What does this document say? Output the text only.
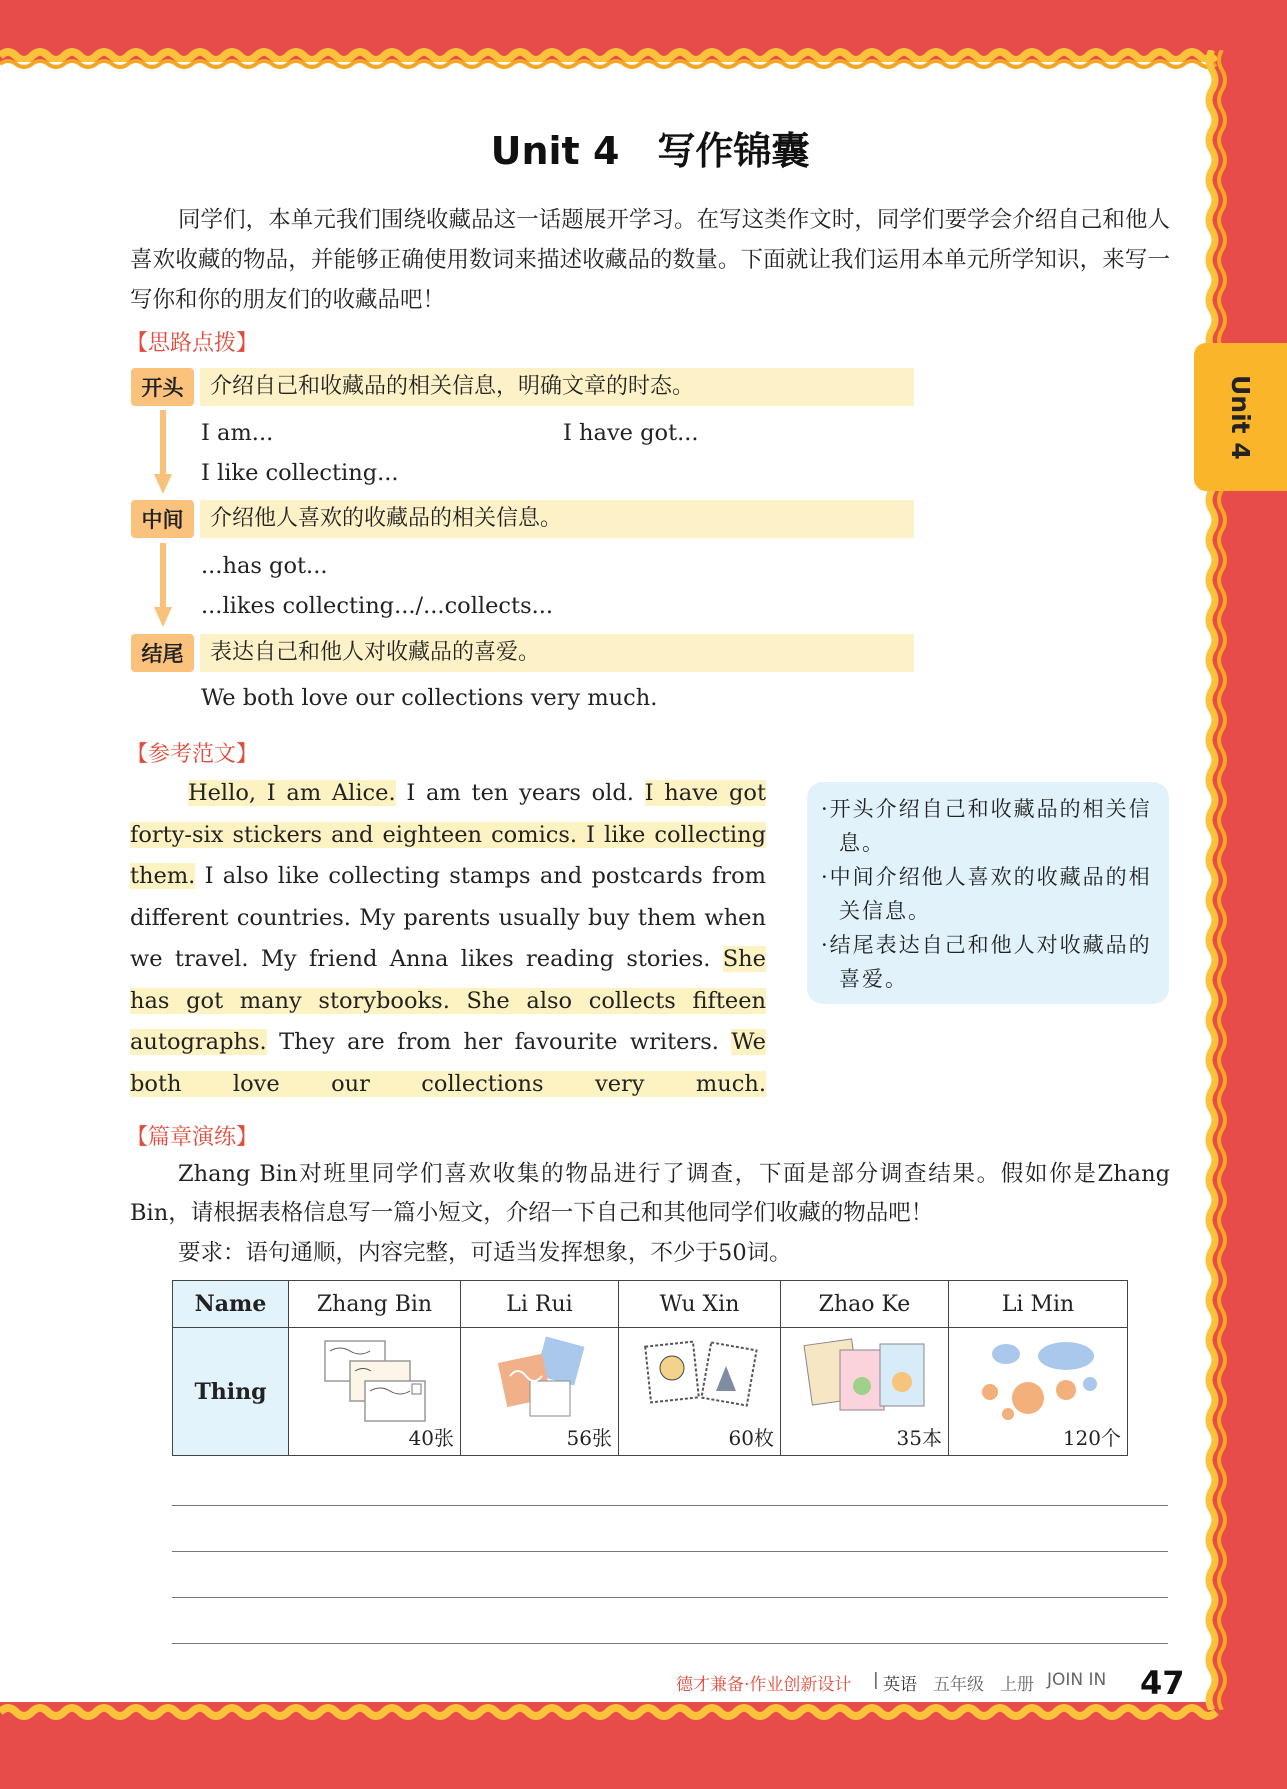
Unit 4
Unit 4　写作锦囊
同学们，本单元我们围绕收藏品这一话题展开学习。在写这类作文时，同学们要学会介绍自己和他人喜欢收藏的物品，并能够正确使用数词来描述收藏品的数量。下面就让我们运用本单元所学知识，来写一写你和你的朋友们的收藏品吧！
【思路点拨】
开头	介绍自己和收藏品的相关信息，明确文章的时态。
I am...	I have got...
I like collecting...
中间	介绍他人喜欢的收藏品的相关信息。
...has got...
...likes collecting.../...collects...
结尾	表达自己和他人对收藏品的喜爱。
We both love our collections very much.
【参考范文】
Hello, I am Alice. I am ten years old. I have got forty-six stickers and eighteen comics. I like collecting them. I also like collecting stamps and postcards from different countries. My parents usually buy them when we travel. My friend Anna likes reading stories. She has got many storybooks. She also collects fifteen autographs. They are from her favourite writers. We both love our collections very much.
·开头介绍自己和收藏品的相关信息。
·中间介绍他人喜欢的收藏品的相关信息。
·结尾表达自己和他人对收藏品的喜爱。
【篇章演练】
Zhang Bin对班里同学们喜欢收集的物品进行了调查，下面是部分调查结果。假如你是Zhang Bin，请根据表格信息写一篇小短文，介绍一下自己和其他同学们收藏的物品吧！
要求：语句通顺，内容完整，可适当发挥想象，不少于50词。
Name	Zhang Bin	Li Rui	Wu Xin	Zhao Ke	Li Min
Thing	40张	56张	60枚	35本	120个
德才兼备·作业创新设计 | 英语 五年级 上册 JOIN IN 47
